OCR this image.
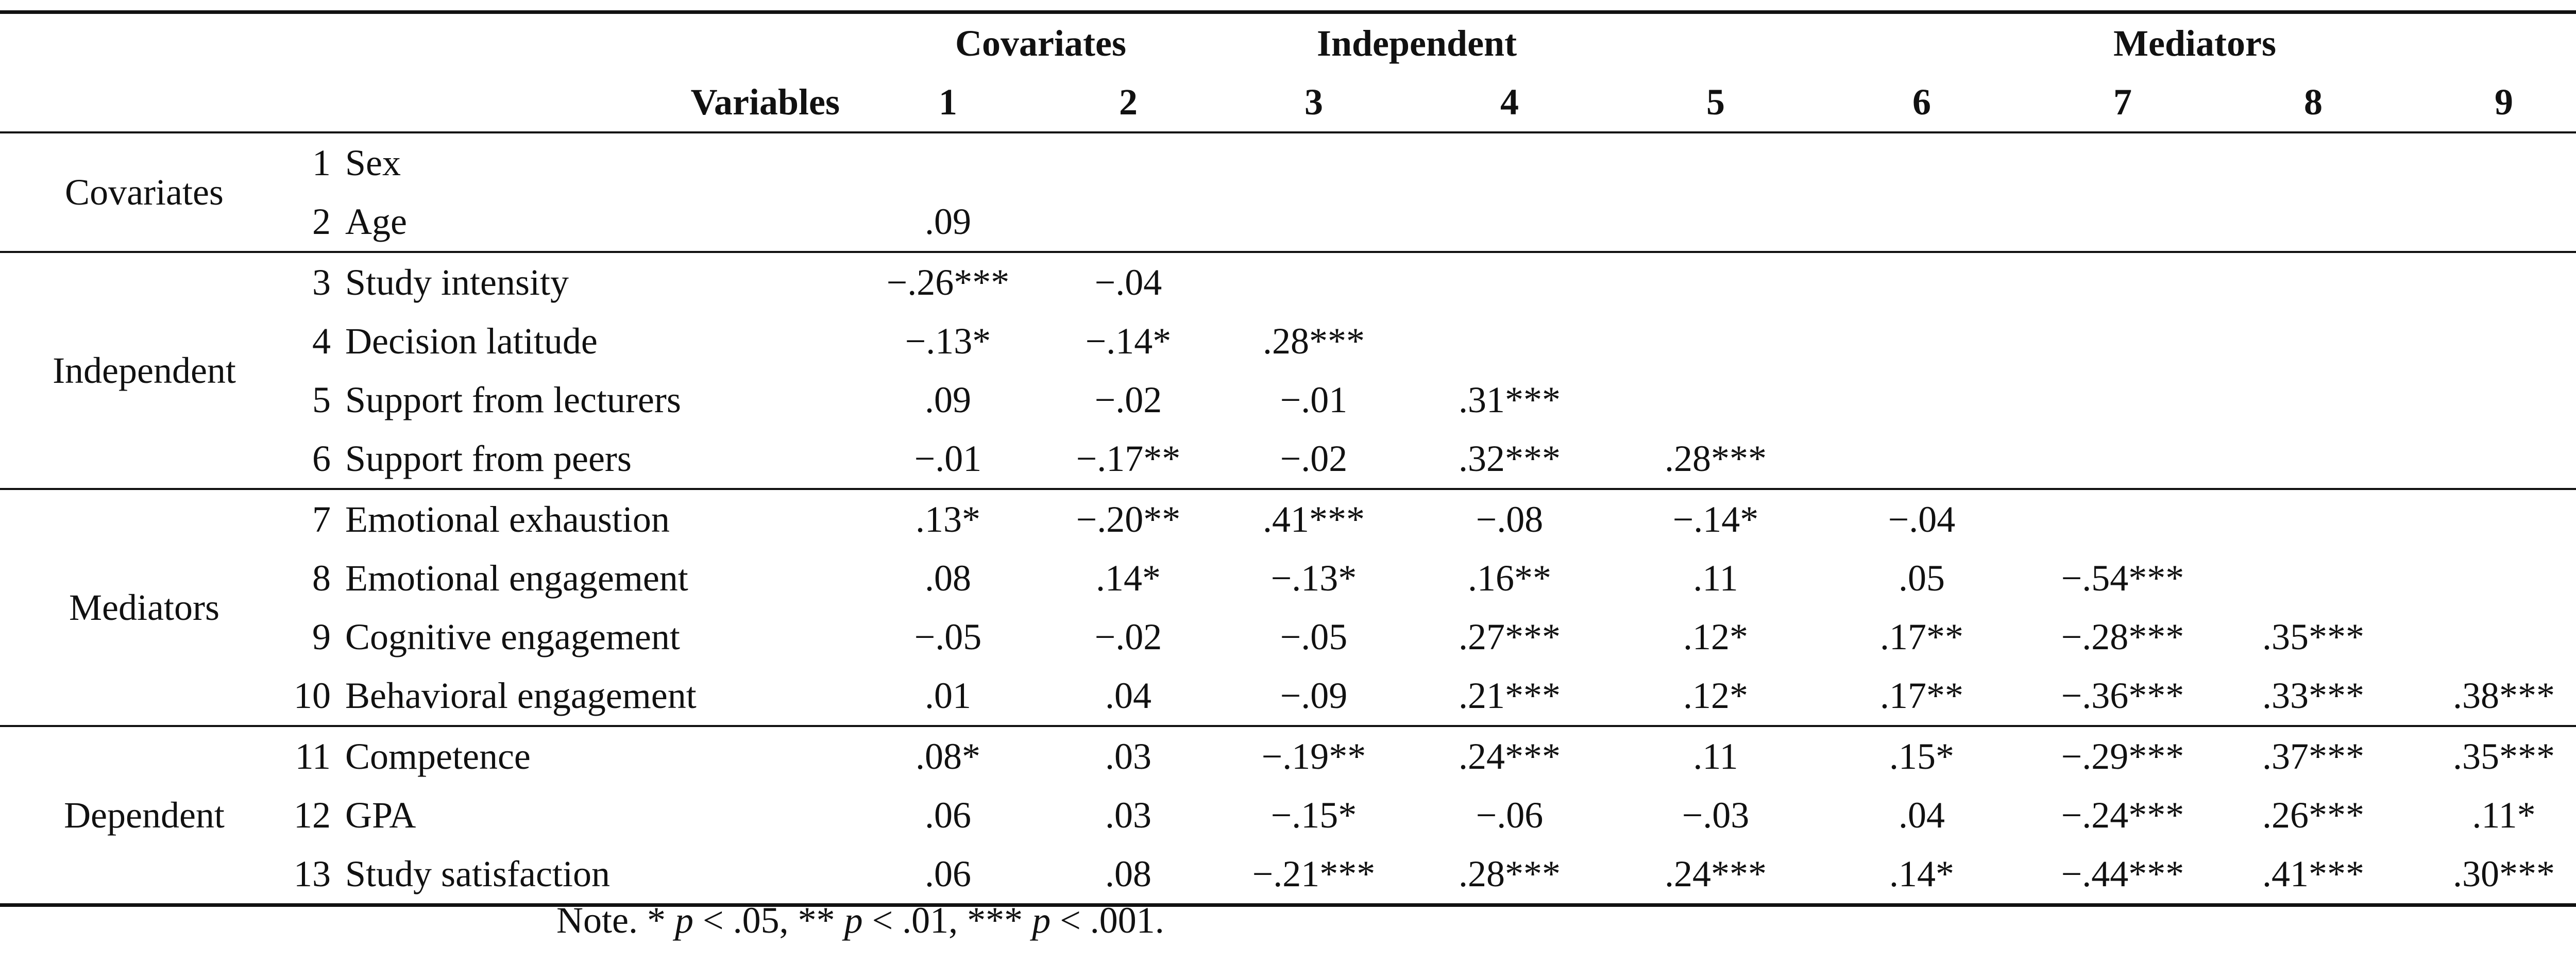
			Covariates		Independent		Mediators	
Variables			1	2	3	4	5	6	7	8	9				
Covariates	1	Sex													
	2	Age	.09												
Independent	3	Study intensity	−.26***	−.04											
	4	Decision latitude	−.13*	−.14*	.28***										
	5	Support from lecturers	.09	−.02	−.01	.31***									
	6	Support from peers	−.01	−.17**	−.02	.32***	.28***								
Mediators	7	Emotional exhaustion	.13*	−.20**	.41***	−.08	−.14*	−.04							
	8	Emotional engagement	.08	.14*	−.13*	.16**	.11	.05	−.54***						
	9	Cognitive engagement	−.05	−.02	−.05	.27***	.12*	.17**	−.28***	.35***					
	10	Behavioral engagement	.01	.04	−.09	.21***	.12*	.17**	−.36***	.33***	.38***				
Dependent	11	Competence	.08*	.03	−.19**	.24***	.11	.15*	−.29***	.37***	.35***				
	12	GPA	.06	.03	−.15*	−.06	−.03	.04	−.24***	.26***	.11*				
	13	Study satisfaction	.06	.08	−.21***	.28***	.24***	.14*	−.44***	.41***	.30***				
Note. * p < .05, ** p < .01, *** p < .001.
